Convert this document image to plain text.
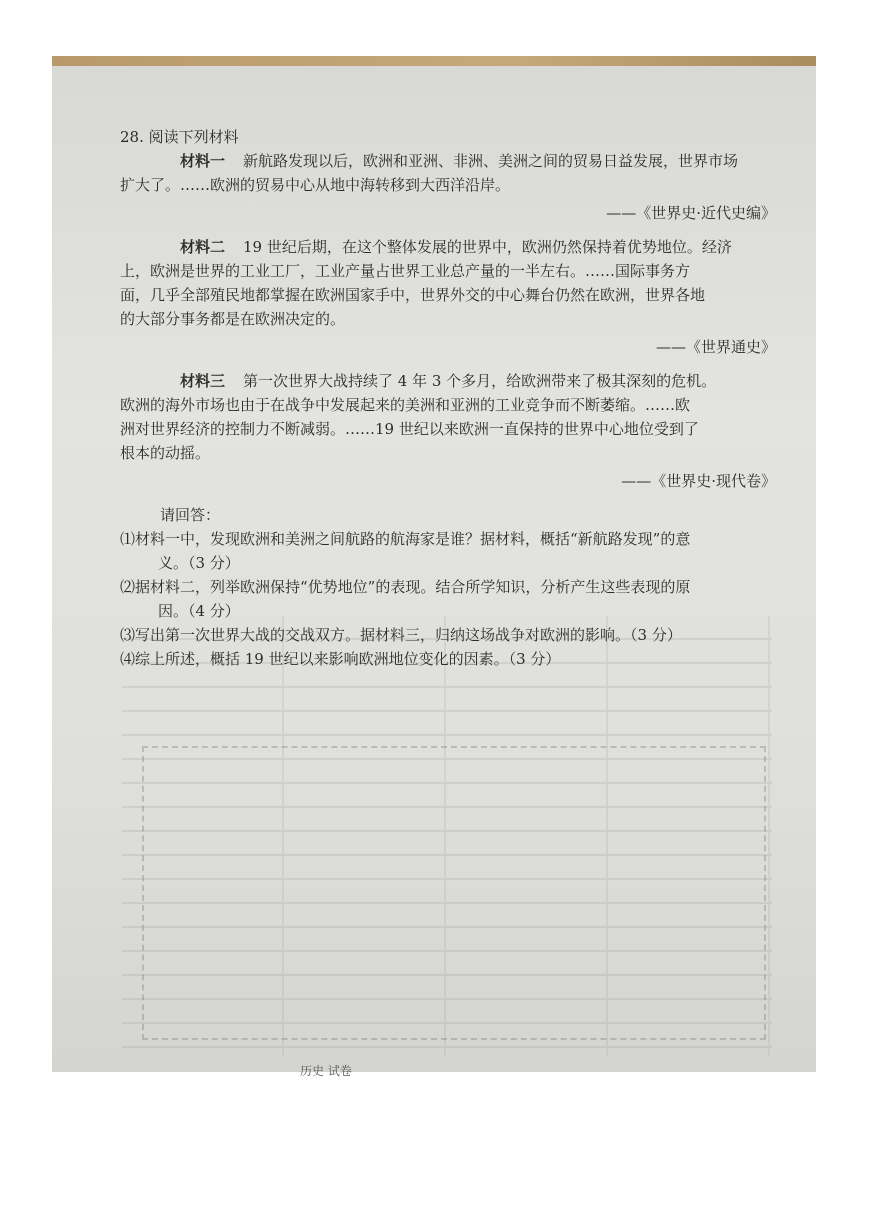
28. 阅读下列材料
材料一 新航路发现以后，欧洲和亚洲、非洲、美洲之间的贸易日益发展，世界市场
扩大了。……欧洲的贸易中心从地中海转移到大西洋沿岸。
——《世界史·近代史编》
材料二 19 世纪后期，在这个整体发展的世界中，欧洲仍然保持着优势地位。经济
上，欧洲是世界的工业工厂，工业产量占世界工业总产量的一半左右。……国际事务方
面，几乎全部殖民地都掌握在欧洲国家手中，世界外交的中心舞台仍然在欧洲，世界各地
的大部分事务都是在欧洲决定的。
——《世界通史》
材料三 第一次世界大战持续了 4 年 3 个多月，给欧洲带来了极其深刻的危机。
欧洲的海外市场也由于在战争中发展起来的美洲和亚洲的工业竞争而不断萎缩。……欧
洲对世界经济的控制力不断减弱。……19 世纪以来欧洲一直保持的世界中心地位受到了
根本的动摇。
——《世界史·现代卷》
请回答：
⑴材料一中，发现欧洲和美洲之间航路的航海家是谁？据材料，概括“新航路发现”的意
义。（3 分）
⑵据材料二，列举欧洲保持“优势地位”的表现。结合所学知识，分析产生这些表现的原
因。（4 分）
⑶写出第一次世界大战的交战双方。据材料三，归纳这场战争对欧洲的影响。（3 分）
⑷综上所述，概括 19 世纪以来影响欧洲地位变化的因素。（3 分）
历史 试卷
